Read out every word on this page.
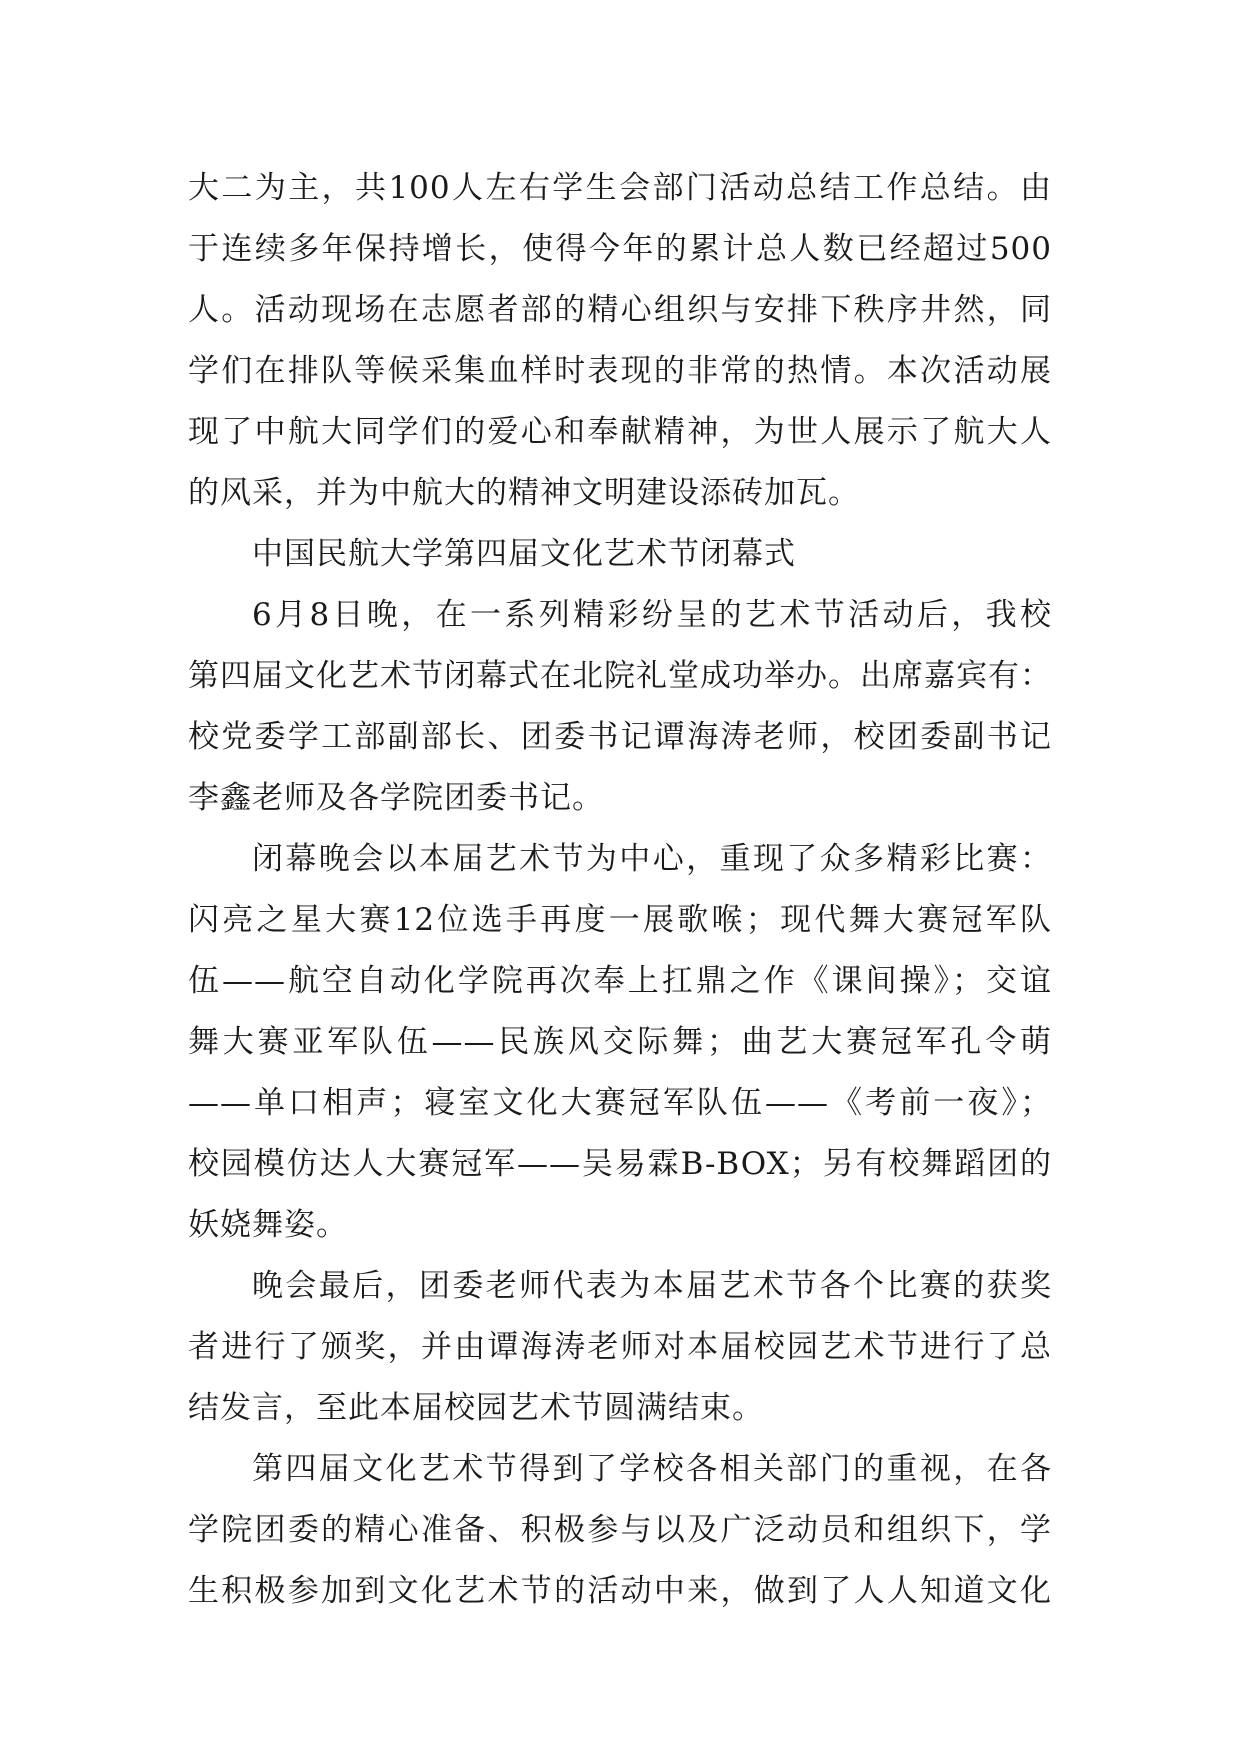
大二为主，共100人左右学生会部门活动总结工作总结。由
于连续多年保持增长，使得今年的累计总人数已经超过500
人。活动现场在志愿者部的精心组织与安排下秩序井然，同
学们在排队等候采集血样时表现的非常的热情。本次活动展
现了中航大同学们的爱心和奉献精神，为世人展示了航大人
的风采，并为中航大的精神文明建设添砖加瓦。
中国民航大学第四届文化艺术节闭幕式
6月8日晚，在一系列精彩纷呈的艺术节活动后，我校
第四届文化艺术节闭幕式在北院礼堂成功举办。出席嘉宾有：
校党委学工部副部长、团委书记谭海涛老师，校团委副书记
李鑫老师及各学院团委书记。
闭幕晚会以本届艺术节为中心，重现了众多精彩比赛：
闪亮之星大赛12位选手再度一展歌喉；现代舞大赛冠军队
伍——航空自动化学院再次奉上扛鼎之作《课间操》；交谊
舞大赛亚军队伍——民族风交际舞；曲艺大赛冠军孔令萌
——单口相声；寝室文化大赛冠军队伍——《考前一夜》；
校园模仿达人大赛冠军——吴易霖B-BOX；另有校舞蹈团的
妖娆舞姿。
晚会最后，团委老师代表为本届艺术节各个比赛的获奖
者进行了颁奖，并由谭海涛老师对本届校园艺术节进行了总
结发言，至此本届校园艺术节圆满结束。
第四届文化艺术节得到了学校各相关部门的重视，在各
学院团委的精心准备、积极参与以及广泛动员和组织下，学
生积极参加到文化艺术节的活动中来，做到了人人知道文化
